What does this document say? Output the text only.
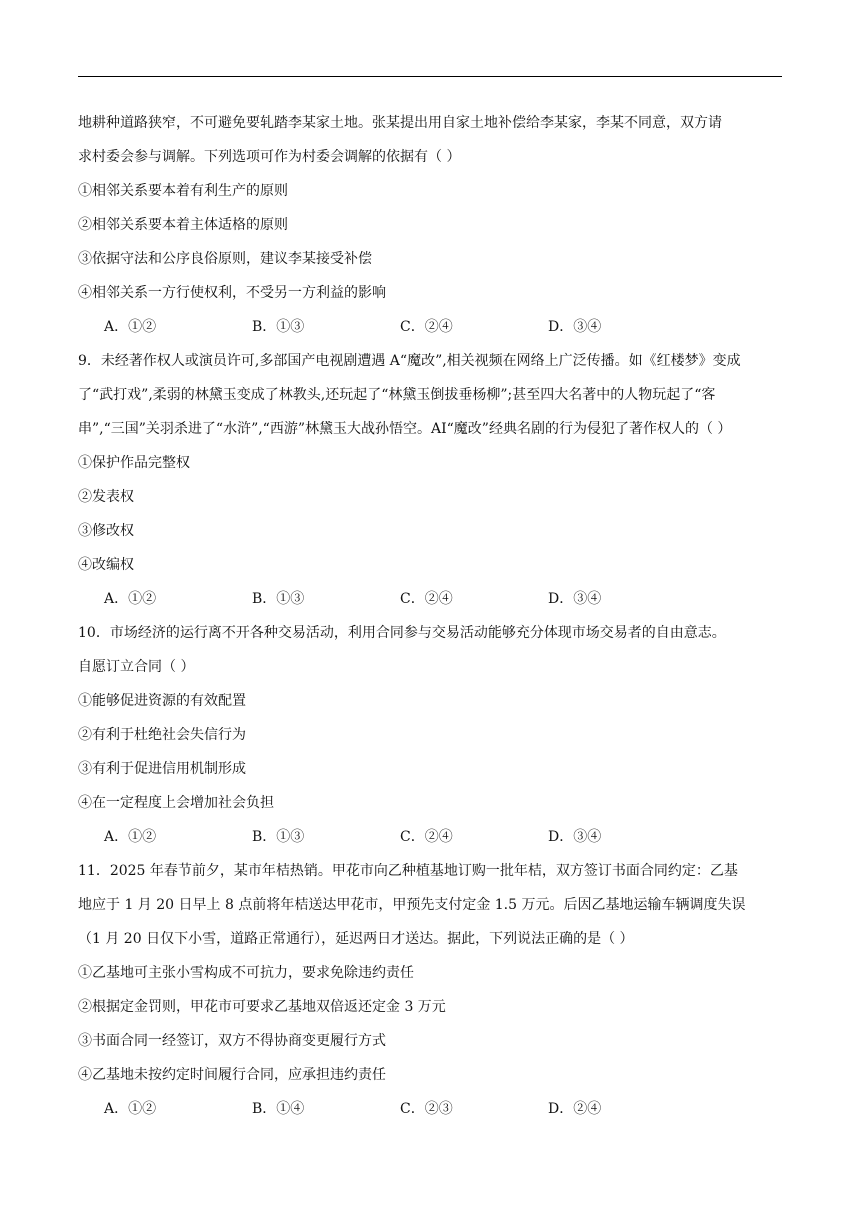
地耕种道路狭窄，不可避免要轧踏李某家土地。张某提出用自家土地补偿给李某家，李某不同意，双方请
求村委会参与调解。下列选项可作为村委会调解的依据有（ ）
①相邻关系要本着有利生产的原则
②相邻关系要本着主体适格的原则
③依据守法和公序良俗原则，建议李某接受补偿
④相邻关系一方行使权利，不受另一方利益的影响
A．①②	B．①③	C．②④	D．③④
9．未经著作权人或演员许可,多部国产电视剧遭遇 A“魔改”,相关视频在网络上广泛传播。如《红楼梦》变成
了“武打戏”,柔弱的林黛玉变成了林教头,还玩起了“林黛玉倒拔垂杨柳”;甚至四大名著中的人物玩起了“客
串”,“三国”关羽杀进了“水浒”,“西游”林黛玉大战孙悟空。AI“魔改”经典名剧的行为侵犯了著作权人的（ ）
①保护作品完整权
②发表权
③修改权
④改编权
A．①②	B．①③	C．②④	D．③④
10．市场经济的运行离不开各种交易活动，利用合同参与交易活动能够充分体现市场交易者的自由意志。
自愿订立合同（ ）
①能够促进资源的有效配置
②有利于杜绝社会失信行为
③有利于促进信用机制形成
④在一定程度上会增加社会负担
A．①②	B．①③	C．②④	D．③④
11．2025 年春节前夕，某市年桔热销。甲花市向乙种植基地订购一批年桔，双方签订书面合同约定：乙基
地应于 1 月 20 日早上 8 点前将年桔送达甲花市，甲预先支付定金 1.5 万元。后因乙基地运输车辆调度失误
（1 月 20 日仅下小雪，道路正常通行），延迟两日才送达。据此，下列说法正确的是（ ）
①乙基地可主张小雪构成不可抗力，要求免除违约责任
②根据定金罚则，甲花市可要求乙基地双倍返还定金 3 万元
③书面合同一经签订，双方不得协商变更履行方式
④乙基地未按约定时间履行合同，应承担违约责任
A．①②	B．①④	C．②③	D．②④
